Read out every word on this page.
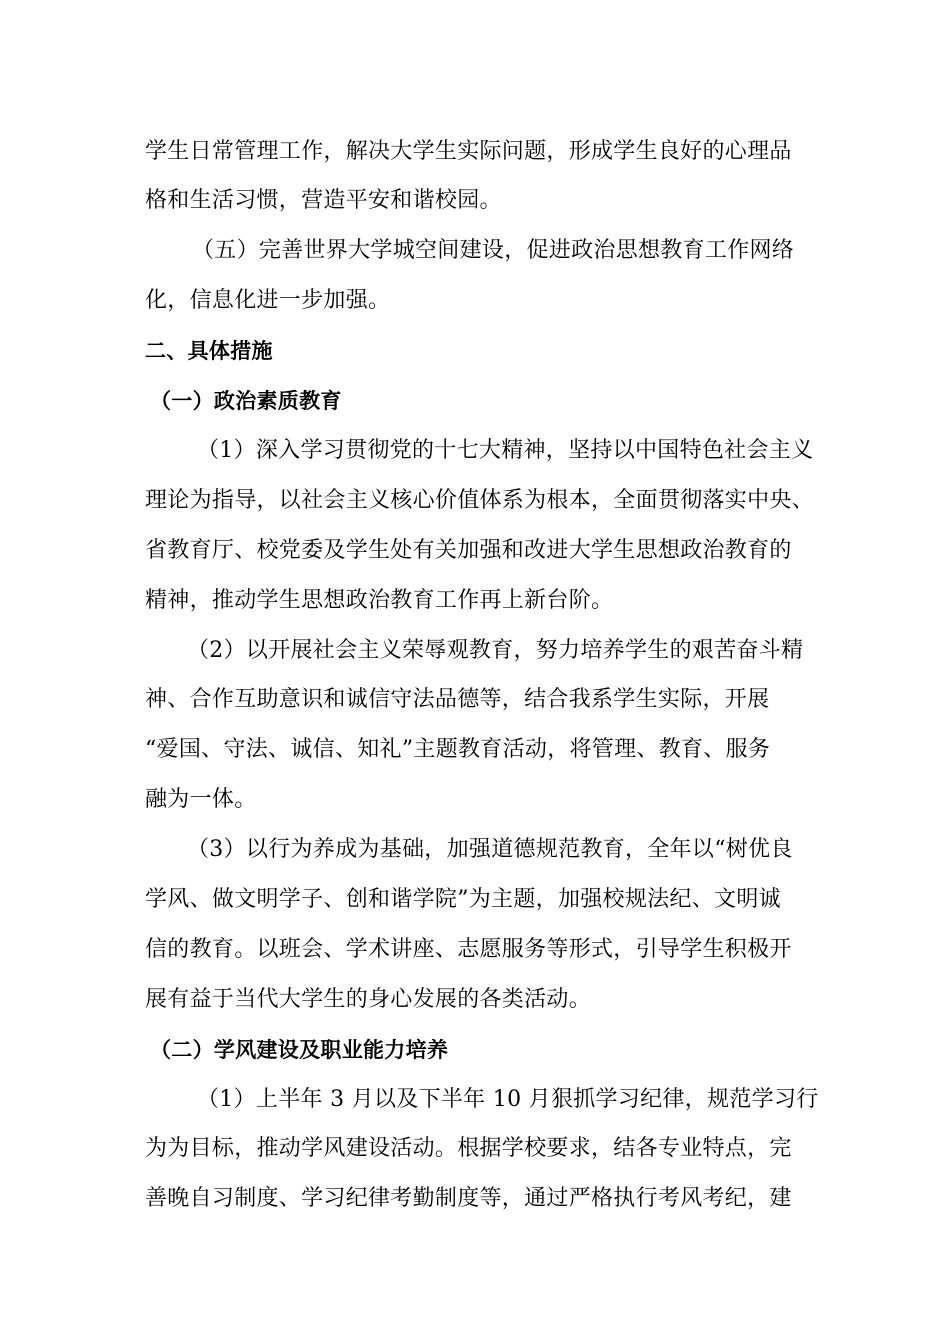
学生日常管理工作，解决大学生实际问题，形成学生良好的心理品
格和生活习惯，营造平安和谐校园。
（五）完善世界大学城空间建设，促进政治思想教育工作网络
化，信息化进一步加强。
二、具体措施
（一）政治素质教育
（1）深入学习贯彻党的十七大精神，坚持以中国特色社会主义
理论为指导，以社会主义核心价值体系为根本，全面贯彻落实中央、
省教育厅、校党委及学生处有关加强和改进大学生思想政治教育的
精神，推动学生思想政治教育工作再上新台阶。
（2）以开展社会主义荣辱观教育，努力培养学生的艰苦奋斗精
神、合作互助意识和诚信守法品德等，结合我系学生实际，开展
“爱国、守法、诚信、知礼”主题教育活动，将管理、教育、服务
融为一体。
（3）以行为养成为基础，加强道德规范教育，全年以“树优良
学风、做文明学子、创和谐学院”为主题，加强校规法纪、文明诚
信的教育。以班会、学术讲座、志愿服务等形式，引导学生积极开
展有益于当代大学生的身心发展的各类活动。
（二）学风建设及职业能力培养
（1）上半年 3 月以及下半年 10 月狠抓学习纪律，规范学习行
为为目标，推动学风建设活动。根据学校要求，结各专业特点，完
善晚自习制度、学习纪律考勤制度等，通过严格执行考风考纪，建
